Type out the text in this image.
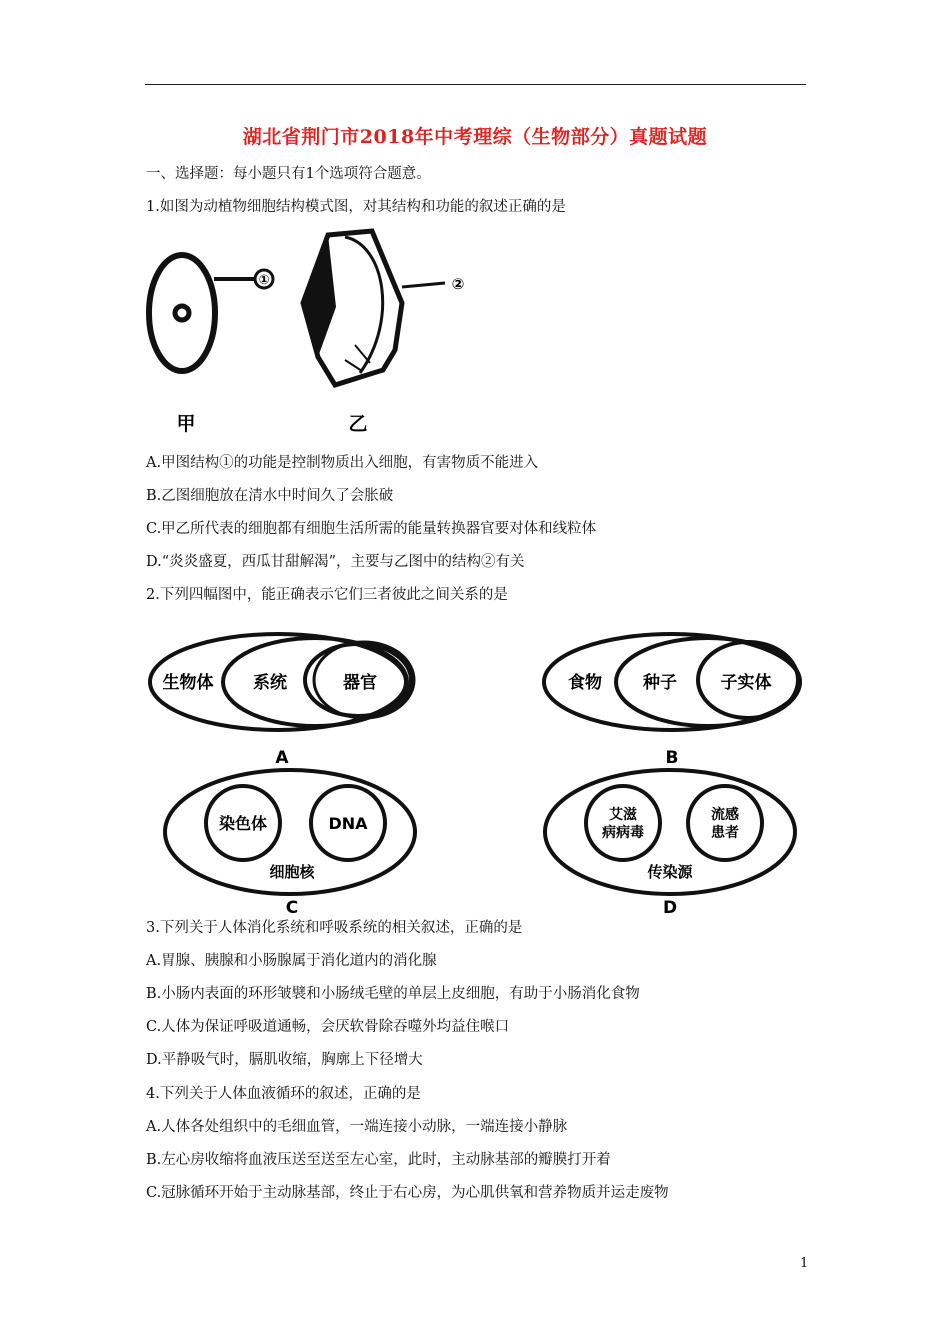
湖北省荆门市2018年中考理综（生物部分）真题试题
一、选择题：每小题只有1个选项符合题意。
1.如图为动植物细胞结构模式图，对其结构和功能的叙述正确的是
①
甲
②
乙
A.甲图结构①的功能是控制物质出入细胞，有害物质不能进入
B.乙图细胞放在清水中时间久了会胀破
C.甲乙所代表的细胞都有细胞生活所需的能量转换器官要对体和线粒体
D.“炎炎盛夏，西瓜甘甜解渴”，主要与乙图中的结构②有关
2.下列四幅图中，能正确表示它们三者彼此之间关系的是
生物体 系统	器官
A
食物 种子	子实体
B
染色体	DNA
细胞核
C
艾滋
病病毒
流感
患者
传染源
D
3.下列关于人体消化系统和呼吸系统的相关叙述，正确的是
A.胃腺、胰腺和小肠腺属于消化道内的消化腺
B.小肠内表面的环形皱襞和小肠绒毛壁的单层上皮细胞，有助于小肠消化食物
C.人体为保证呼吸道通畅，会厌软骨除吞噬外均益住喉口
D.平静吸气时，膈肌收缩，胸廓上下径增大
4.下列关于人体血液循环的叙述，正确的是
A.人体各处组织中的毛细血管，一端连接小动脉，一端连接小静脉
B.左心房收缩将血液压送至送至左心室，此时，主动脉基部的瓣膜打开着
C.冠脉循环开始于主动脉基部，终止于右心房，为心肌供氧和营养物质并运走废物
1
